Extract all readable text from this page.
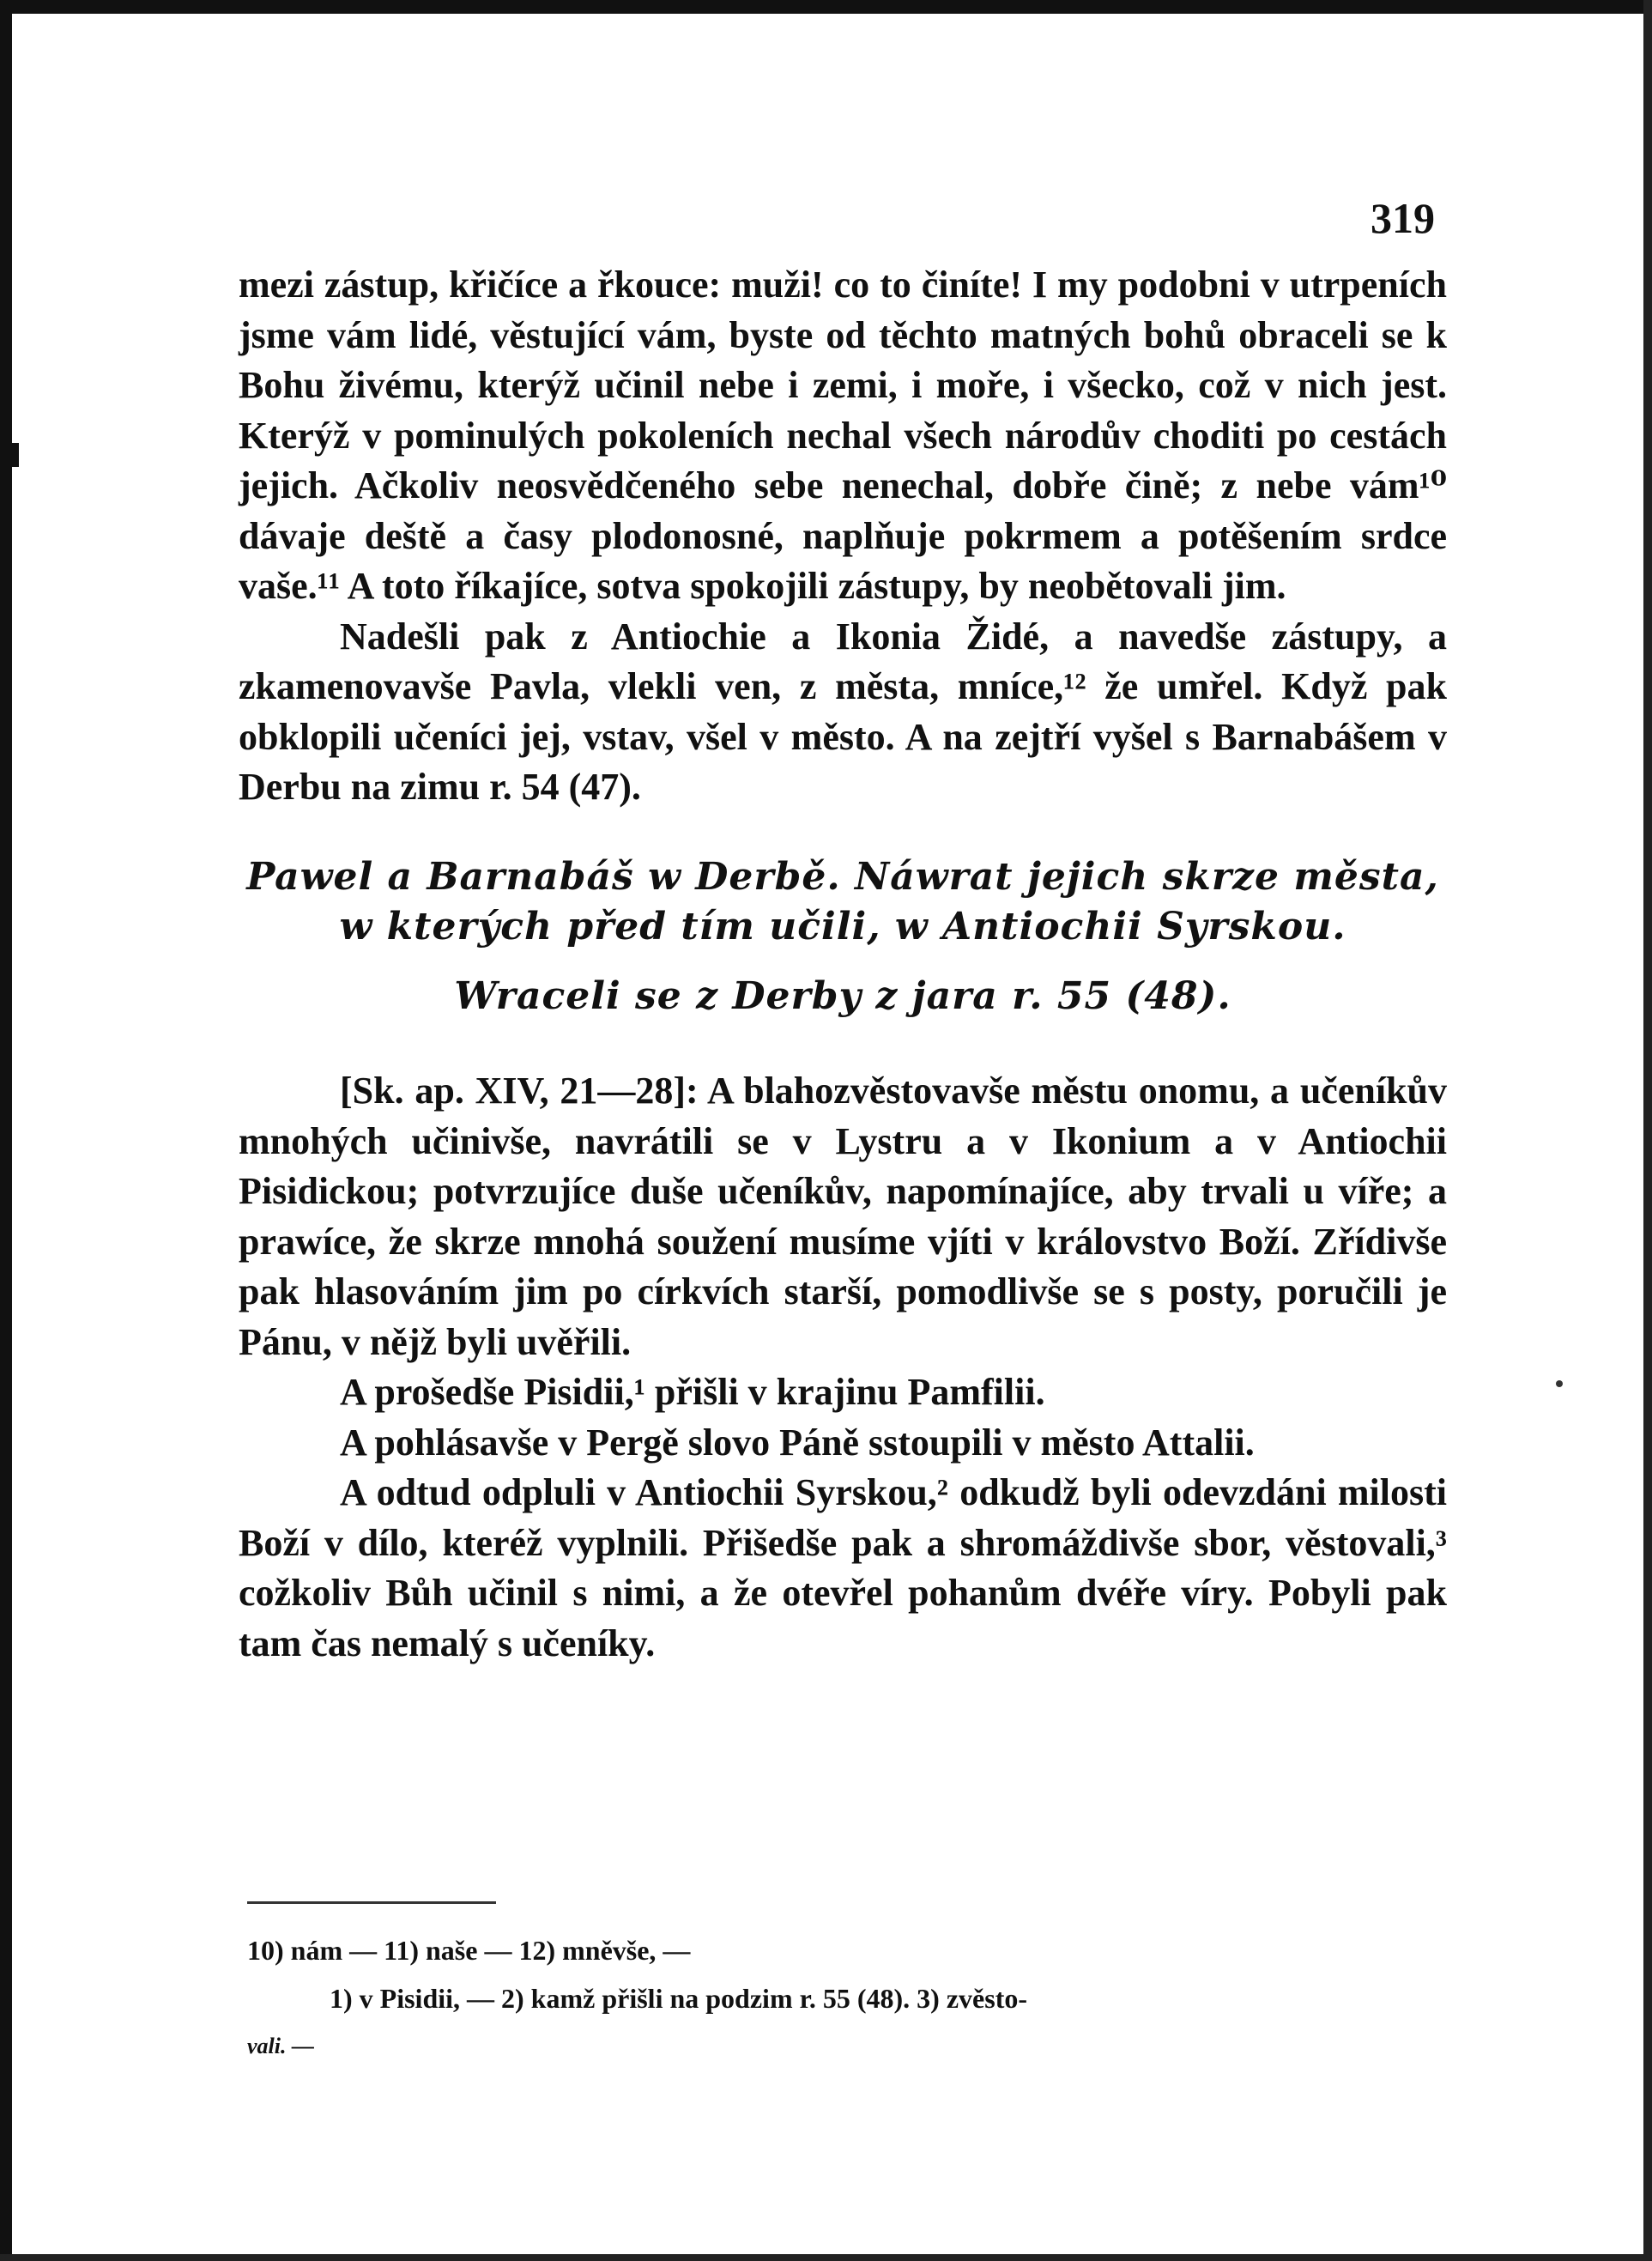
319

mezi zástup, křičíce a řkouce: muži! co to činíte! I my podobni v utrpeních jsme vám lidé, věstující vám, byste od těchto matných bohů obraceli se k Bohu živému, kterýž učinil nebe i zemi, i moře, i všecko, což v nich jest. Kterýž v pominulých pokoleních nechal všech národův choditi po cestách jejich. Ačkoliv neosvědčeného sebe nenechal, dobře čině; z nebe vám¹⁰ dávaje deště a časy plodonosné, naplňuje pokrmem a potěšením srdce vaše.¹¹ A toto říkajíce, sotva spokojili zástupy, by neobětovali jim.

Nadešli pak z Antiochie a Ikonia Židé, a navedše zástupy, a zkamenovavše Pavla, vlekli ven, z města, mníce,¹² že umřel. Když pak obklopili učeníci jej, vstav, všel v město. A na zejtří vyšel s Barnabášem v Derbu na zimu r. 54 (47).

Pawel a Barnabáš w Derbě. Náwrat jejich skrze města, w kterých před tím učili, w Antiochii Syrskou.

Wraceli se z Derby z jara r. 55 (48).

[Sk. ap. XIV, 21—28]: A blahozvěstovavše městu onomu, a učeníkův mnohých učinivše, navrátili se v Lystru a v Ikonium a v Antiochii Pisidickou; potvrzujíce duše učeníkův, napomínajíce, aby trvali u víře; a prawíce, že skrze mnohá soužení musíme vjíti v královstvo Boží. Zřídivše pak hlasováním jim po církvích starší, pomodlivše se s posty, poručili je Pánu, v nějž byli uvěřili.

A prošedše Pisidii,¹ přišli v krajinu Pamfilii.

A pohlásavše v Pergě slovo Páně sstoupili v město Attalii.

A odtud odpluli v Antiochii Syrskou,² odkudž byli odevzdáni milosti Boží v dílo, kteréž vyplnili. Přišedše pak a shromáždivše sbor, věstovali,³ cožkoliv Bůh učinil s nimi, a že otevřel pohanům dvéře víry. Pobyli pak tam čas nemalý s učeníky.

10) nám — 11) naše — 12) mněvše, —

1) v Pisidii, — 2) kamž přišli na podzim r. 55 (48). 3) zvěsto-

vali. —
